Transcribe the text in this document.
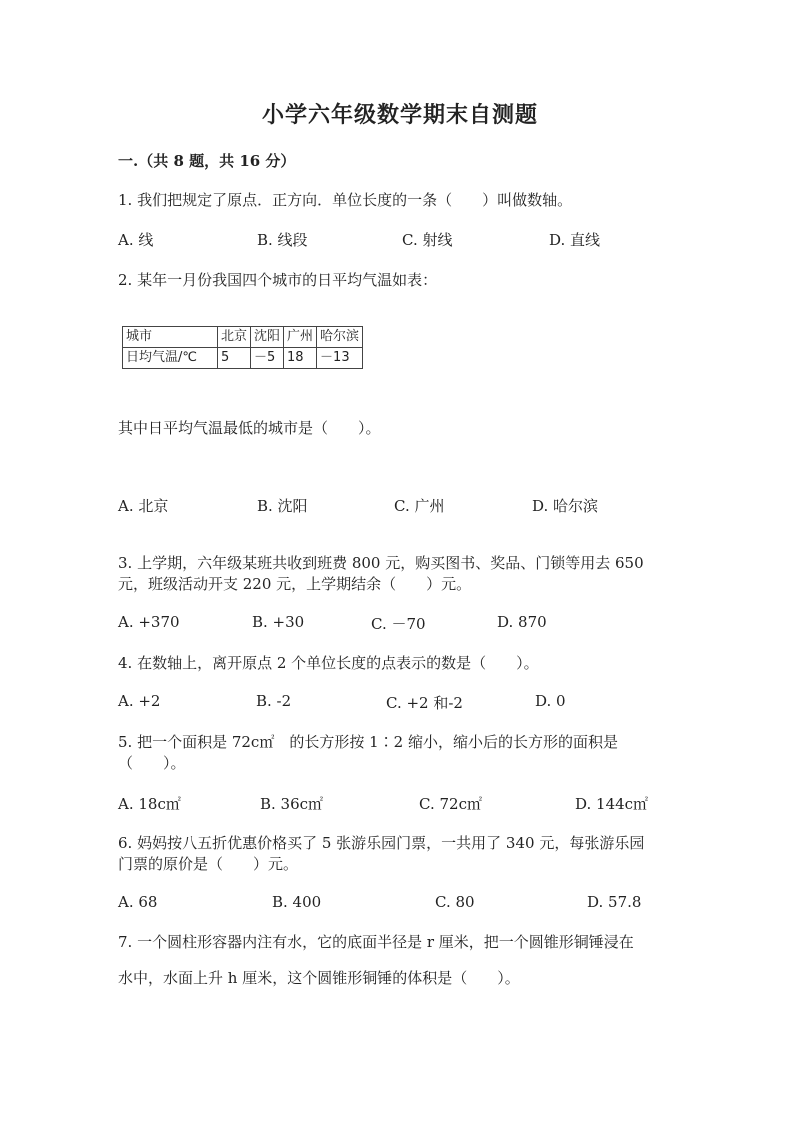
小学六年级数学期末自测题
一.（共 8 题，共 16 分）
1. 我们把规定了原点．正方向．单位长度的一条（　　）叫做数轴。
A. 线	B. 线段	C. 射线	D. 直线
2. 某年一月份我国四个城市的日平均气温如表：
城市	北京	沈阳	广州	哈尔滨
日均气温/℃	5	－5	18	－13
其中日平均气温最低的城市是（　　）。
A. 北京	B. 沈阳	C. 广州	D. 哈尔滨
3. 上学期，六年级某班共收到班费 800 元，购买图书、奖品、门锁等用去 650
元，班级活动开支 220 元，上学期结余（　　）元。
A. +370	B. +30	C. －70	D. 870
4. 在数轴上，离开原点 2 个单位长度的点表示的数是（　　）。
A. +2	B. -2	C. +2 和-2	D. 0
5. 把一个面积是 72c㎡　的长方形按 1∶2 缩小，缩小后的长方形的面积是
（　　）。
A. 18c㎡	B. 36c㎡	C. 72c㎡	D. 144c㎡
6. 妈妈按八五折优惠价格买了 5 张游乐园门票，一共用了 340 元，每张游乐园
门票的原价是（　　）元。
A. 68	B. 400	C. 80	D. 57.8
7. 一个圆柱形容器内注有水，它的底面半径是 r 厘米，把一个圆锥形铜锤浸在
水中，水面上升 h 厘米，这个圆锥形铜锤的体积是（　　）。
